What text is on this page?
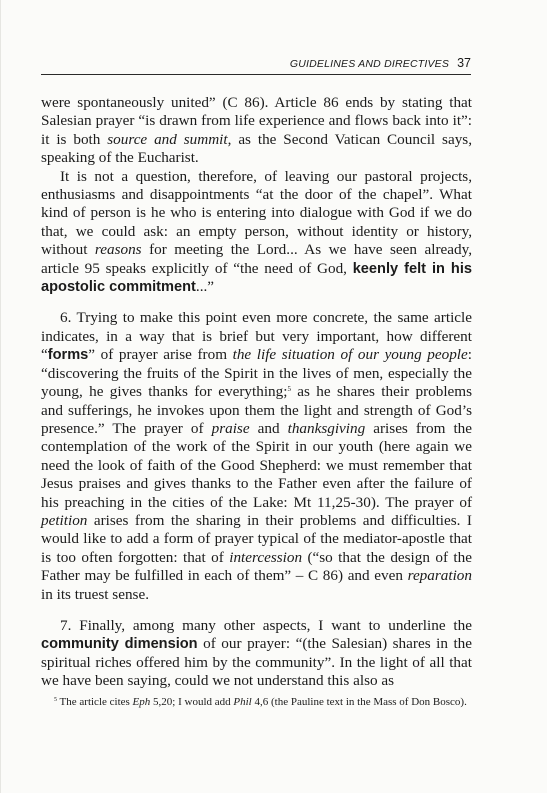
GUIDELINES AND DIRECTIVES 37

were spontaneously united” (C 86). Article 86 ends by stating that Salesian prayer “is drawn from life experience and flows back into it”: it is both source and summit, as the Second Vatican Council says, speaking of the Eucharist.

It is not a question, therefore, of leaving our pastoral projects, enthusiasms and disappointments “at the door of the chapel”. What kind of person is he who is entering into dialogue with God if we do that, we could ask: an empty person, without identity or history, without reasons for meeting the Lord... As we have seen already, article 95 speaks explicitly of “the need of God, keenly felt in his apostolic commitment...”

6. Trying to make this point even more concrete, the same article indicates, in a way that is brief but very important, how different “forms” of prayer arise from the life situation of our young people: “discovering the fruits of the Spirit in the lives of men, especially the young, he gives thanks for everything;$^5$ as he shares their problems and sufferings, he invokes upon them the light and strength of God’s presence.” The prayer of praise and thanksgiving arises from the contemplation of the work of the Spirit in our youth (here again we need the look of faith of the Good Shepherd: we must remember that Jesus praises and gives thanks to the Father even after the failure of his preaching in the cities of the Lake: Mt 11,25-30). The prayer of petition arises from the sharing in their problems and difficulties. I would like to add a form of prayer typical of the mediator-apostle that is too often forgotten: that of intercession (“so that the design of the Father may be fulfilled in each of them” – C 86) and even reparation in its truest sense.

7. Finally, among many other aspects, I want to underline the community dimension of our prayer: “(the Salesian) shares in the spiritual riches offered him by the community”. In the light of all that we have been saying, could we not understand this also as

$^5$ The article cites Eph 5,20; I would add Phil 4,6 (the Pauline text in the Mass of Don Bosco).
